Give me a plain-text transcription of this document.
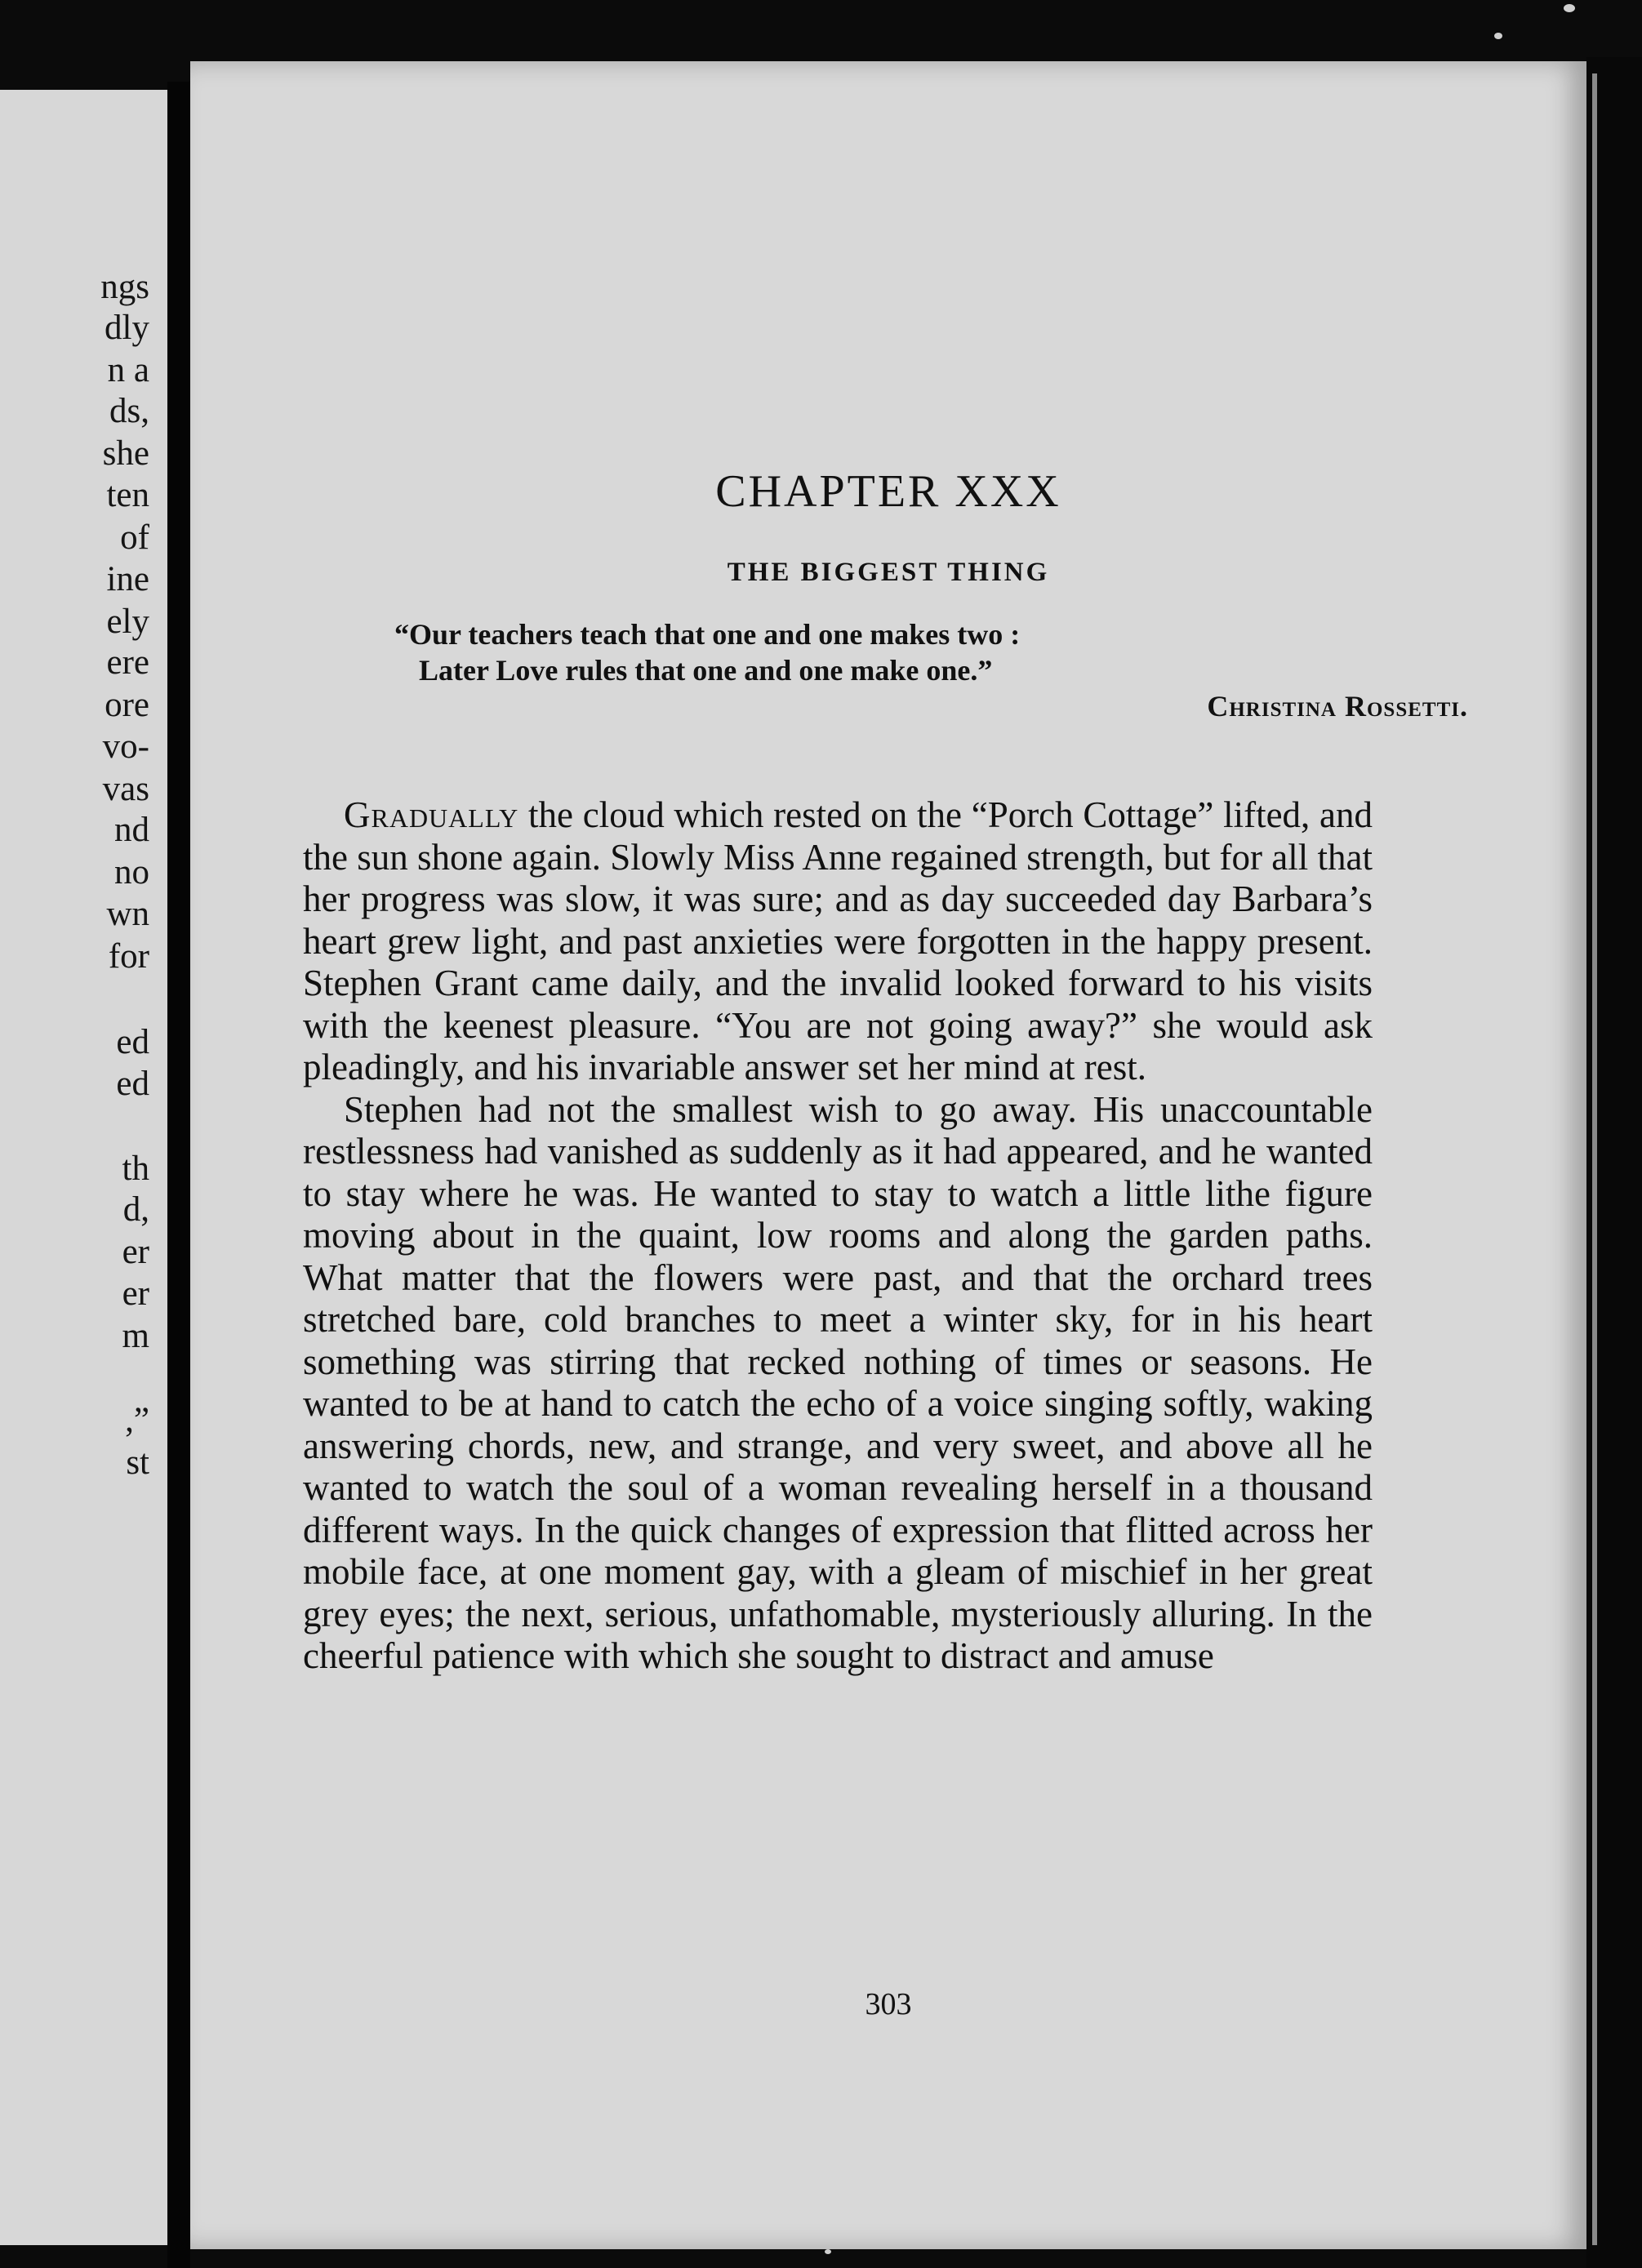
ngs
dly
n a
ds,
she
ten
of
ine
ely
ere
ore
vo-
vas
nd
no
wn
for
ed
ed
th
d,
er
er
m
,”
st
CHAPTER XXX
THE BIGGEST THING
“Our teachers teach that one and one makes two :
Later Love rules that one and one make one.”
Christina Rossetti.

Gradually the cloud which rested on the “Porch Cottage” lifted, and the sun shone again. Slowly Miss Anne regained strength, but for all that her progress was slow, it was sure; and as day succeeded day Barbara’s heart grew light, and past anxieties were forgotten in the happy present. Stephen Grant came daily, and the invalid looked forward to his visits with the keenest pleasure. “You are not going away?” she would ask pleadingly, and his invariable answer set her mind at rest.

Stephen had not the smallest wish to go away. His unaccountable restlessness had vanished as suddenly as it had appeared, and he wanted to stay where he was. He wanted to stay to watch a little lithe figure moving about in the quaint, low rooms and along the garden paths. What matter that the flowers were past, and that the orchard trees stretched bare, cold branches to meet a winter sky, for in his heart something was stirring that recked nothing of times or seasons. He wanted to be at hand to catch the echo of a voice singing softly, waking answering chords, new, and strange, and very sweet, and above all he wanted to watch the soul of a woman revealing herself in a thousand different ways. In the quick changes of expression that flitted across her mobile face, at one moment gay, with a gleam of mischief in her great grey eyes; the next, serious, unfathomable, mysteriously alluring. In the cheerful patience with which she sought to distract and amuse

303
